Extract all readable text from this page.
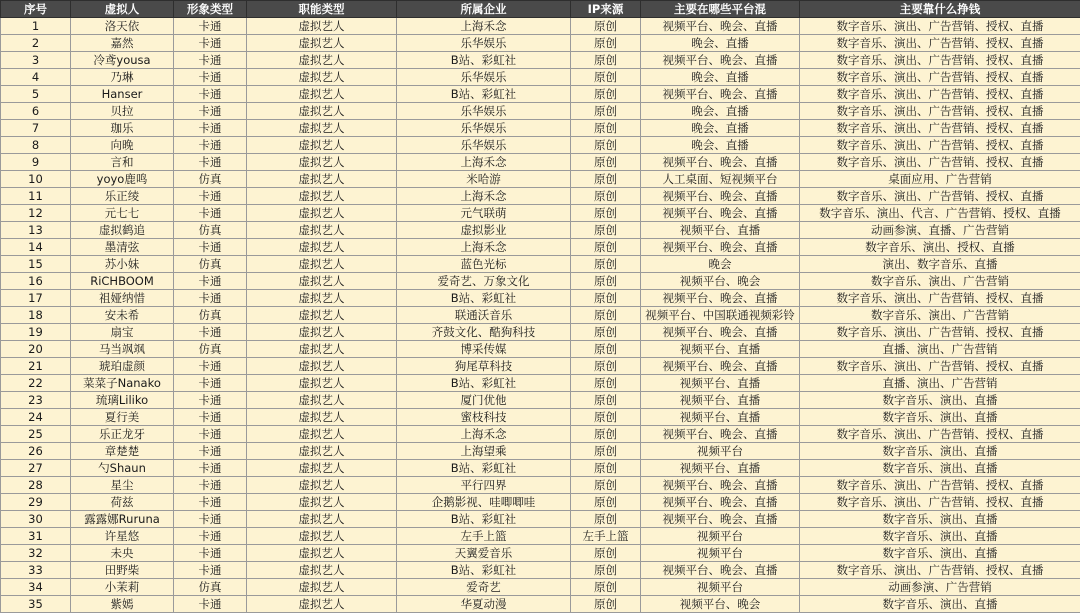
序号	虚拟人	形象类型	职能类型	所属企业	IP来源	主要在哪些平台混	主要靠什么挣钱
1	洛天依	卡通	虚拟艺人	上海禾念	原创	视频平台、晚会、直播	数字音乐、演出、广告营销、授权、直播
2	嘉然	卡通	虚拟艺人	乐华娱乐	原创	晚会、直播	数字音乐、演出、广告营销、授权、直播
3	冷鸢yousa	卡通	虚拟艺人	B站、彩虹社	原创	视频平台、晚会、直播	数字音乐、演出、广告营销、授权、直播
4	乃琳	卡通	虚拟艺人	乐华娱乐	原创	晚会、直播	数字音乐、演出、广告营销、授权、直播
5	Hanser	卡通	虚拟艺人	B站、彩虹社	原创	视频平台、晚会、直播	数字音乐、演出、广告营销、授权、直播
6	贝拉	卡通	虚拟艺人	乐华娱乐	原创	晚会、直播	数字音乐、演出、广告营销、授权、直播
7	珈乐	卡通	虚拟艺人	乐华娱乐	原创	晚会、直播	数字音乐、演出、广告营销、授权、直播
8	向晚	卡通	虚拟艺人	乐华娱乐	原创	晚会、直播	数字音乐、演出、广告营销、授权、直播
9	言和	卡通	虚拟艺人	上海禾念	原创	视频平台、晚会、直播	数字音乐、演出、广告营销、授权、直播
10	yoyo鹿鸣	仿真	虚拟艺人	米哈游	原创	人工桌面、短视频平台	桌面应用、广告营销
11	乐正绫	卡通	虚拟艺人	上海禾念	原创	视频平台、晚会、直播	数字音乐、演出、广告营销、授权、直播
12	元七七	卡通	虚拟艺人	元气联萌	原创	视频平台、晚会、直播	数字音乐、演出、代言、广告营销、授权、直播
13	虚拟鹤追	仿真	虚拟艺人	虚拟影业	原创	视频平台、直播	动画参演、直播、广告营销
14	墨清弦	卡通	虚拟艺人	上海禾念	原创	视频平台、晚会、直播	数字音乐、演出、授权、直播
15	苏小妹	仿真	虚拟艺人	蓝色光标	原创	晚会	演出、数字音乐、直播
16	RiCHBOOM	卡通	虚拟艺人	爱奇艺、万象文化	原创	视频平台、晚会	数字音乐、演出、广告营销
17	祖娅纳惜	卡通	虚拟艺人	B站、彩虹社	原创	视频平台、晚会、直播	数字音乐、演出、广告营销、授权、直播
18	安未希	仿真	虚拟艺人	联通沃音乐	原创	视频平台、中国联通视频彩铃	数字音乐、演出、广告营销
19	扇宝	卡通	虚拟艺人	齐鼓文化、酷狗科技	原创	视频平台、晚会、直播	数字音乐、演出、广告营销、授权、直播
20	马当飒飒	仿真	虚拟艺人	博采传媒	原创	视频平台、直播	直播、演出、广告营销
21	琥珀虚颜	卡通	虚拟艺人	狗尾草科技	原创	视频平台、晚会、直播	数字音乐、演出、广告营销、授权、直播
22	菜菜子Nanako	卡通	虚拟艺人	B站、彩虹社	原创	视频平台、直播	直播、演出、广告营销
23	琉璃Liliko	卡通	虚拟艺人	厦门优他	原创	视频平台、直播	数字音乐、演出、直播
24	夏行美	卡通	虚拟艺人	蜜枝科技	原创	视频平台、直播	数字音乐、演出、直播
25	乐正龙牙	卡通	虚拟艺人	上海禾念	原创	视频平台、晚会、直播	数字音乐、演出、广告营销、授权、直播
26	章楚楚	卡通	虚拟艺人	上海望乘	原创	视频平台	数字音乐、演出、直播
27	勺Shaun	卡通	虚拟艺人	B站、彩虹社	原创	视频平台、直播	数字音乐、演出、直播
28	星尘	卡通	虚拟艺人	平行四界	原创	视频平台、晚会、直播	数字音乐、演出、广告营销、授权、直播
29	荷兹	卡通	虚拟艺人	企鹅影视、哇唧唧哇	原创	视频平台、晚会、直播	数字音乐、演出、广告营销、授权、直播
30	露露娜Ruruna	卡通	虚拟艺人	B站、彩虹社	原创	视频平台、晚会、直播	数字音乐、演出、直播
31	许星悠	卡通	虚拟艺人	左手上篮	左手上篮	视频平台	数字音乐、演出、直播
32	未央	卡通	虚拟艺人	天翼爱音乐	原创	视频平台	数字音乐、演出、直播
33	田野柴	卡通	虚拟艺人	B站、彩虹社	原创	视频平台、晚会、直播	数字音乐、演出、广告营销、授权、直播
34	小茉莉	仿真	虚拟艺人	爱奇艺	原创	视频平台	动画参演、广告营销
35	紫嫣	卡通	虚拟艺人	华夏动漫	原创	视频平台、晚会	数字音乐、演出、直播
